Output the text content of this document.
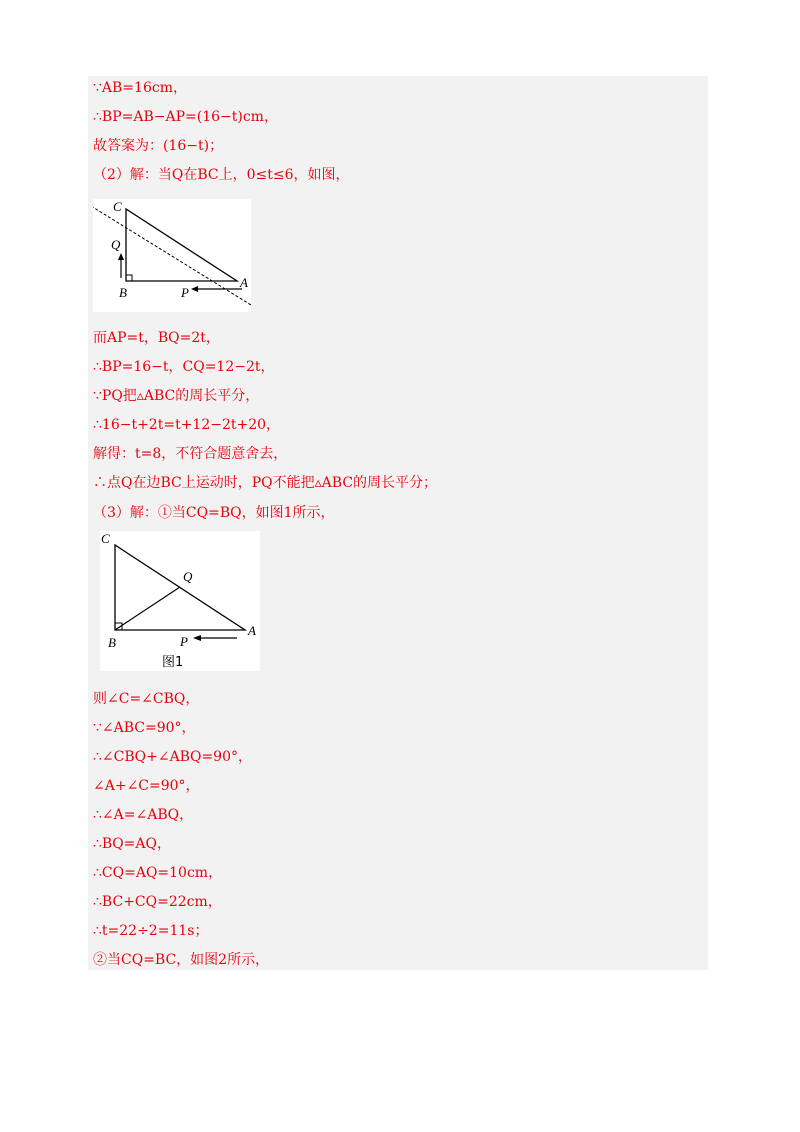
∵AB=16cm，
∴BP=AB−AP=(16−t)cm，
故答案为：(16−t)；
（2）解：当Q在BC上，0≤t≤6，如图，
C
Q
B	P
A
而AP=t，BQ=2t，
∴BP=16−t，CQ=12−2t，
∵PQ把▵ABC的周长平分，
∴16−t+2t=t+12−2t+20，
解得：t=8，不符合题意舍去，
∴点Q在边BC上运动时，PQ不能把▵ABC的周长平分；
（3）解：①当CQ=BQ，如图1所示，
C
Q
B	P
A
图1
则∠C=∠CBQ，
∵∠ABC=90°，
∴∠CBQ+∠ABQ=90°，
∠A+∠C=90°，
∴∠A=∠ABQ，
∴BQ=AQ，
∴CQ=AQ=10cm，
∴BC+CQ=22cm，
∴t=22÷2=11s；
②当CQ=BC，如图2所示，
